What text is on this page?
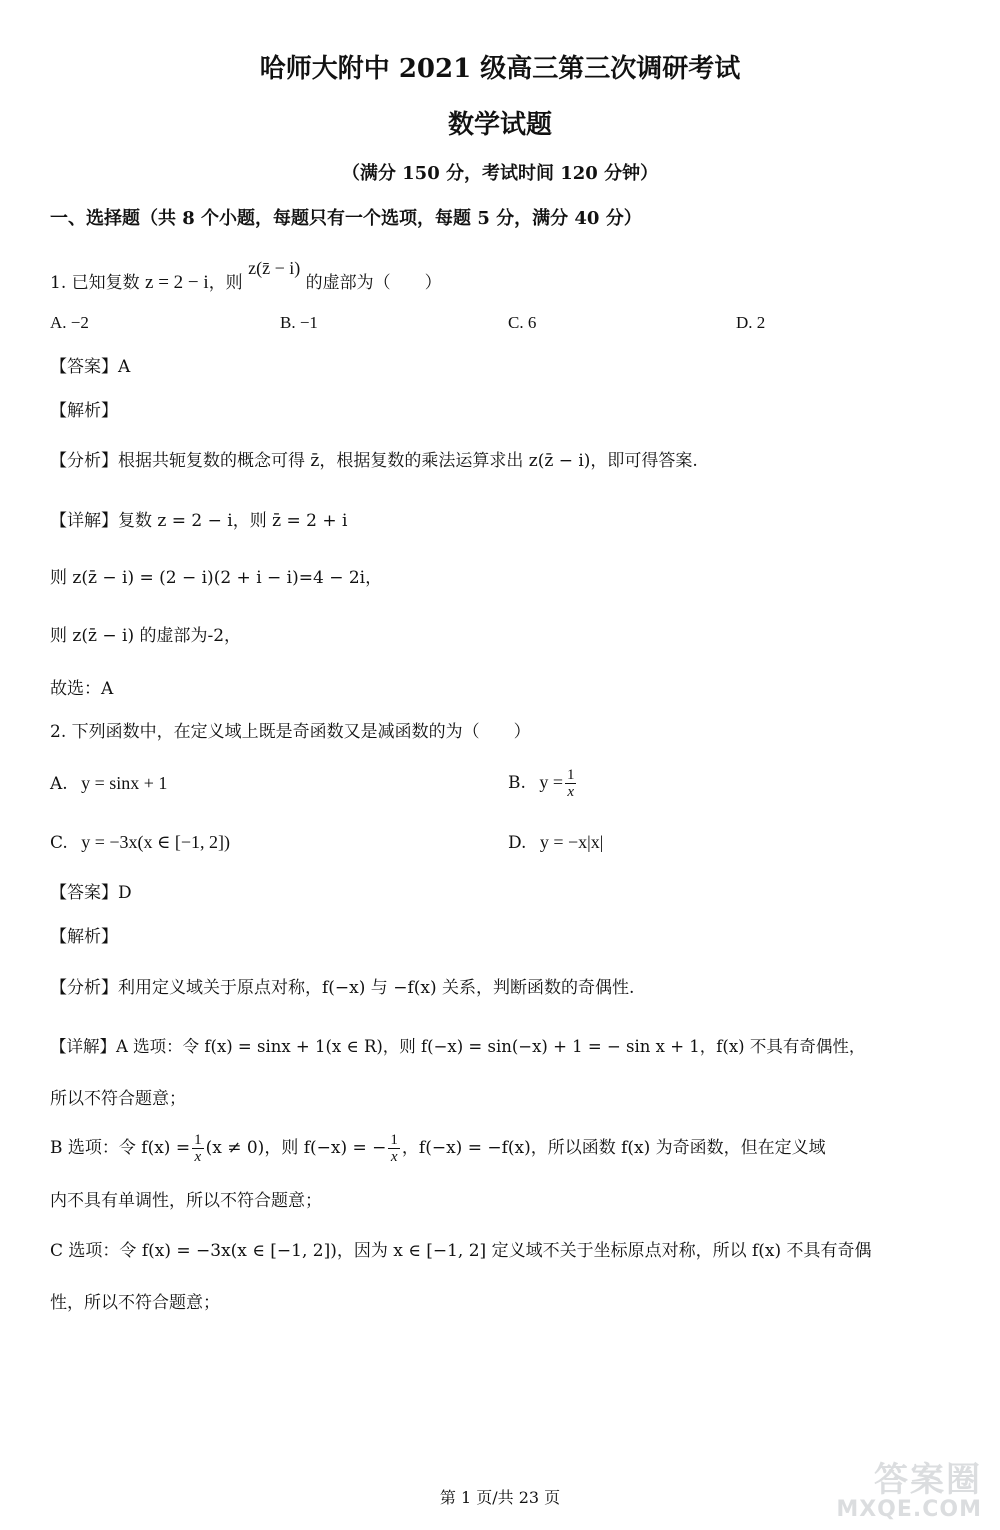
哈师大附中 2021 级高三第三次调研考试
数学试题
（满分 150 分，考试时间 120 分钟）
一、选择题（共 8 个小题，每题只有一个选项，每题 5 分，满分 40 分）
1. 已知复数 z = 2 − i，则 z(z̄ − i) 的虚部为（　　）
A. −2	B. −1	C. 6	D. 2
【答案】A
【解析】
【分析】根据共轭复数的概念可得 z̄，根据复数的乘法运算求出 z(z̄ − i)，即可得答案.
【详解】复数 z = 2 − i，则 z̄ = 2 + i
则 z(z̄ − i) = (2 − i)(2 + i − i)=4 − 2i，
则 z(z̄ − i) 的虚部为-2，
故选：A
2. 下列函数中，在定义域上既是奇函数又是减函数的为（　　）
A. y = sinx + 1	B. $y = \frac{1}{x}$
C. y = −3x(x ∈ [−1, 2])	D. y = −x|x|
【答案】D
【解析】
【分析】利用定义域关于原点对称，f(−x) 与 −f(x) 关系，判断函数的奇偶性.
【详解】A 选项：令 f(x) = sinx + 1(x ∈ R)，则 f(−x) = sin(−x) + 1 = − sin x + 1，f(x) 不具有奇偶性，
所以不符合题意；
B 选项：令 $f(x) = \frac{1}{x} (x \ne 0)$，则 f(−x) = − $\frac{1}{x}$ ，f(−x) = −f(x)，所以函数 f(x) 为奇函数，但在定义域
内不具有单调性，所以不符合题意；
C 选项：令 f(x) = −3x(x ∈ [−1, 2])，因为 x ∈ [−1, 2] 定义域不关于坐标原点对称，所以 f(x) 不具有奇偶
性，所以不符合题意；
第 1 页/共 23 页	答案圈
MXQE.COM
